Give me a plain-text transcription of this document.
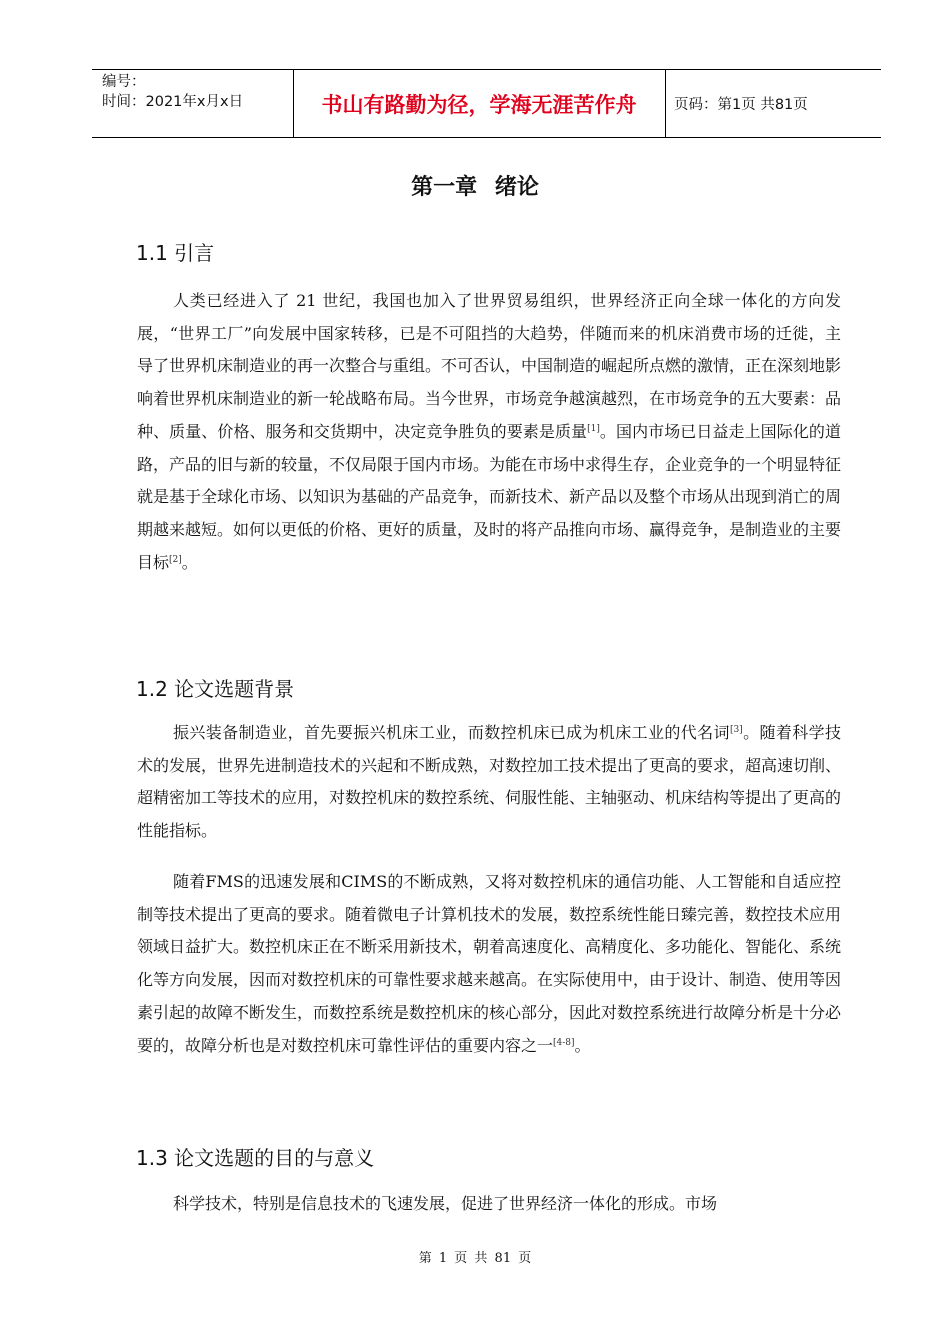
编号：
时间：2021年x月x日	书山有路勤为径，学海无涯苦作舟	页码：第1页 共81页
第一章 绪论
1.1 引言

人类已经进入了 21 世纪，我国也加入了世界贸易组织，世界经济正向全球一体化的方向发展，“世界工厂”向发展中国家转移，已是不可阻挡的大趋势，伴随而来的机床消费市场的迁徙，主导了世界机床制造业的再一次整合与重组。不可否认，中国制造的崛起所点燃的激情，正在深刻地影响着世界机床制造业的新一轮战略布局。当今世界，市场竞争越演越烈，在市场竞争的五大要素：品种、质量、价格、服务和交货期中，决定竞争胜负的要素是质量[1]。国内市场已日益走上国际化的道路，产品的旧与新的较量，不仅局限于国内市场。为能在市场中求得生存，企业竞争的一个明显特征就是基于全球化市场、以知识为基础的产品竞争，而新技术、新产品以及整个市场从出现到消亡的周期越来越短。如何以更低的价格、更好的质量，及时的将产品推向市场、赢得竞争，是制造业的主要目标[2]。

1.2 论文选题背景

振兴装备制造业，首先要振兴机床工业，而数控机床已成为机床工业的代名词[3]。随着科学技术的发展，世界先进制造技术的兴起和不断成熟，对数控加工技术提出了更高的要求，超高速切削、超精密加工等技术的应用，对数控机床的数控系统、伺服性能、主轴驱动、机床结构等提出了更高的性能指标。

随着FMS的迅速发展和CIMS的不断成熟，又将对数控机床的通信功能、人工智能和自适应控制等技术提出了更高的要求。随着微电子计算机技术的发展，数控系统性能日臻完善，数控技术应用领域日益扩大。数控机床正在不断采用新技术，朝着高速度化、高精度化、多功能化、智能化、系统化等方向发展，因而对数控机床的可靠性要求越来越高。在实际使用中，由于设计、制造、使用等因素引起的故障不断发生，而数控系统是数控机床的核心部分，因此对数控系统进行故障分析是十分必要的，故障分析也是对数控机床可靠性评估的重要内容之一[4-8]。

1.3 论文选题的目的与意义

科学技术，特别是信息技术的飞速发展，促进了世界经济一体化的形成。市场

第 1 页 共 81 页
